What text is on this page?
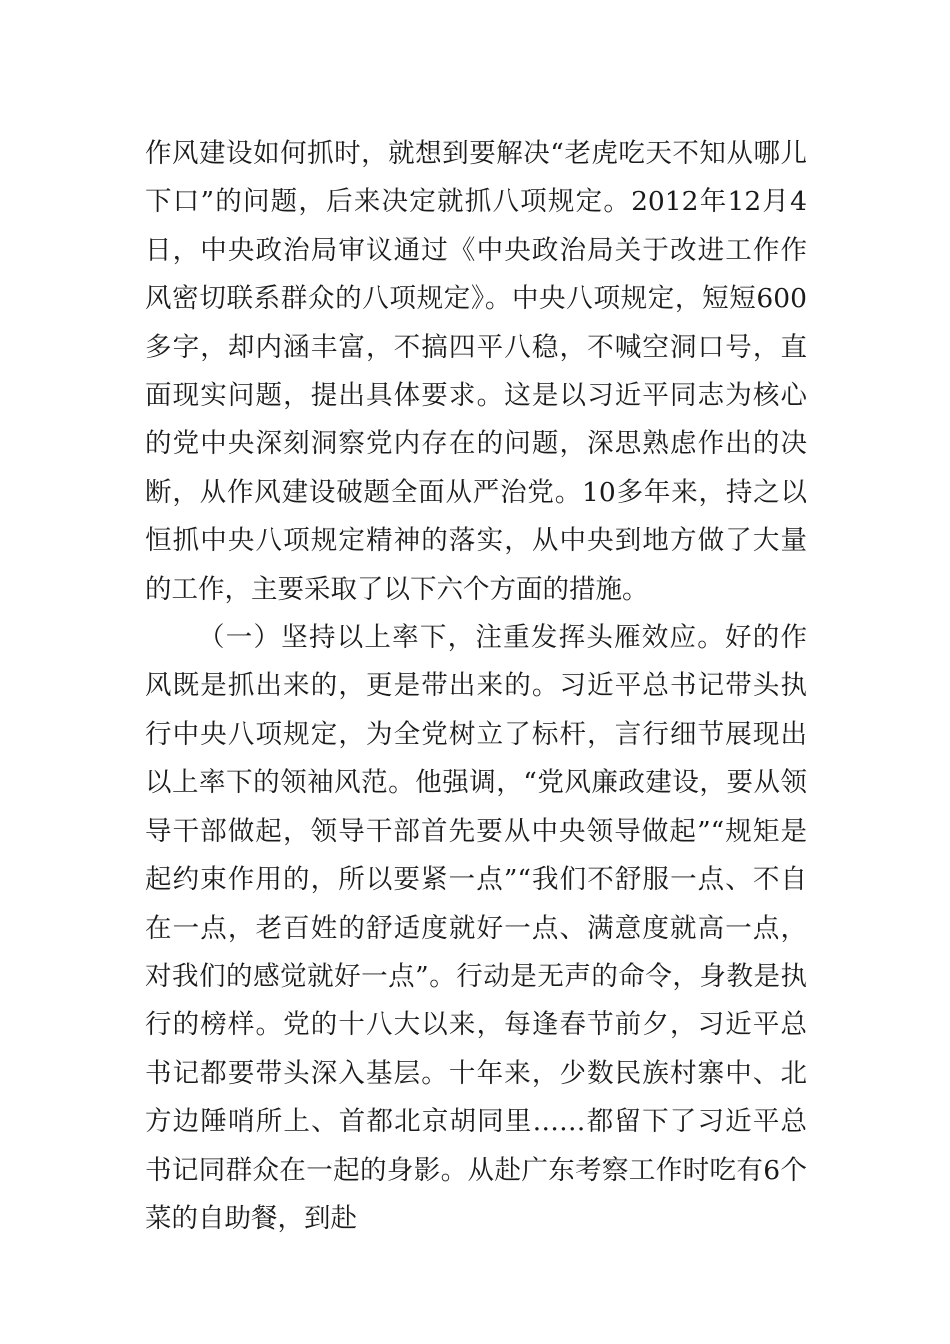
作风建设如何抓时，就想到要解决“老虎吃天不知从哪儿下口”的问题，后来决定就抓八项规定。2012年12月4日，中央政治局审议通过《中央政治局关于改进工作作风密切联系群众的八项规定》。中央八项规定，短短600多字，却内涵丰富，不搞四平八稳，不喊空洞口号，直面现实问题，提出具体要求。这是以习近平同志为核心的党中央深刻洞察党内存在的问题，深思熟虑作出的决断，从作风建设破题全面从严治党。10多年来，持之以恒抓中央八项规定精神的落实，从中央到地方做了大量的工作，主要采取了以下六个方面的措施。

（一）坚持以上率下，注重发挥头雁效应。好的作风既是抓出来的，更是带出来的。习近平总书记带头执行中央八项规定，为全党树立了标杆，言行细节展现出以上率下的领袖风范。他强调，“党风廉政建设，要从领导干部做起，领导干部首先要从中央领导做起”“规矩是起约束作用的，所以要紧一点”“我们不舒服一点、不自在一点，老百姓的舒适度就好一点、满意度就高一点，对我们的感觉就好一点”。行动是无声的命令，身教是执行的榜样。党的十八大以来，每逢春节前夕，习近平总书记都要带头深入基层。十年来，少数民族村寨中、北方边陲哨所上、首都北京胡同里……都留下了习近平总书记同群众在一起的身影。从赴广东考察工作时吃有6个菜的自助餐，到赴
